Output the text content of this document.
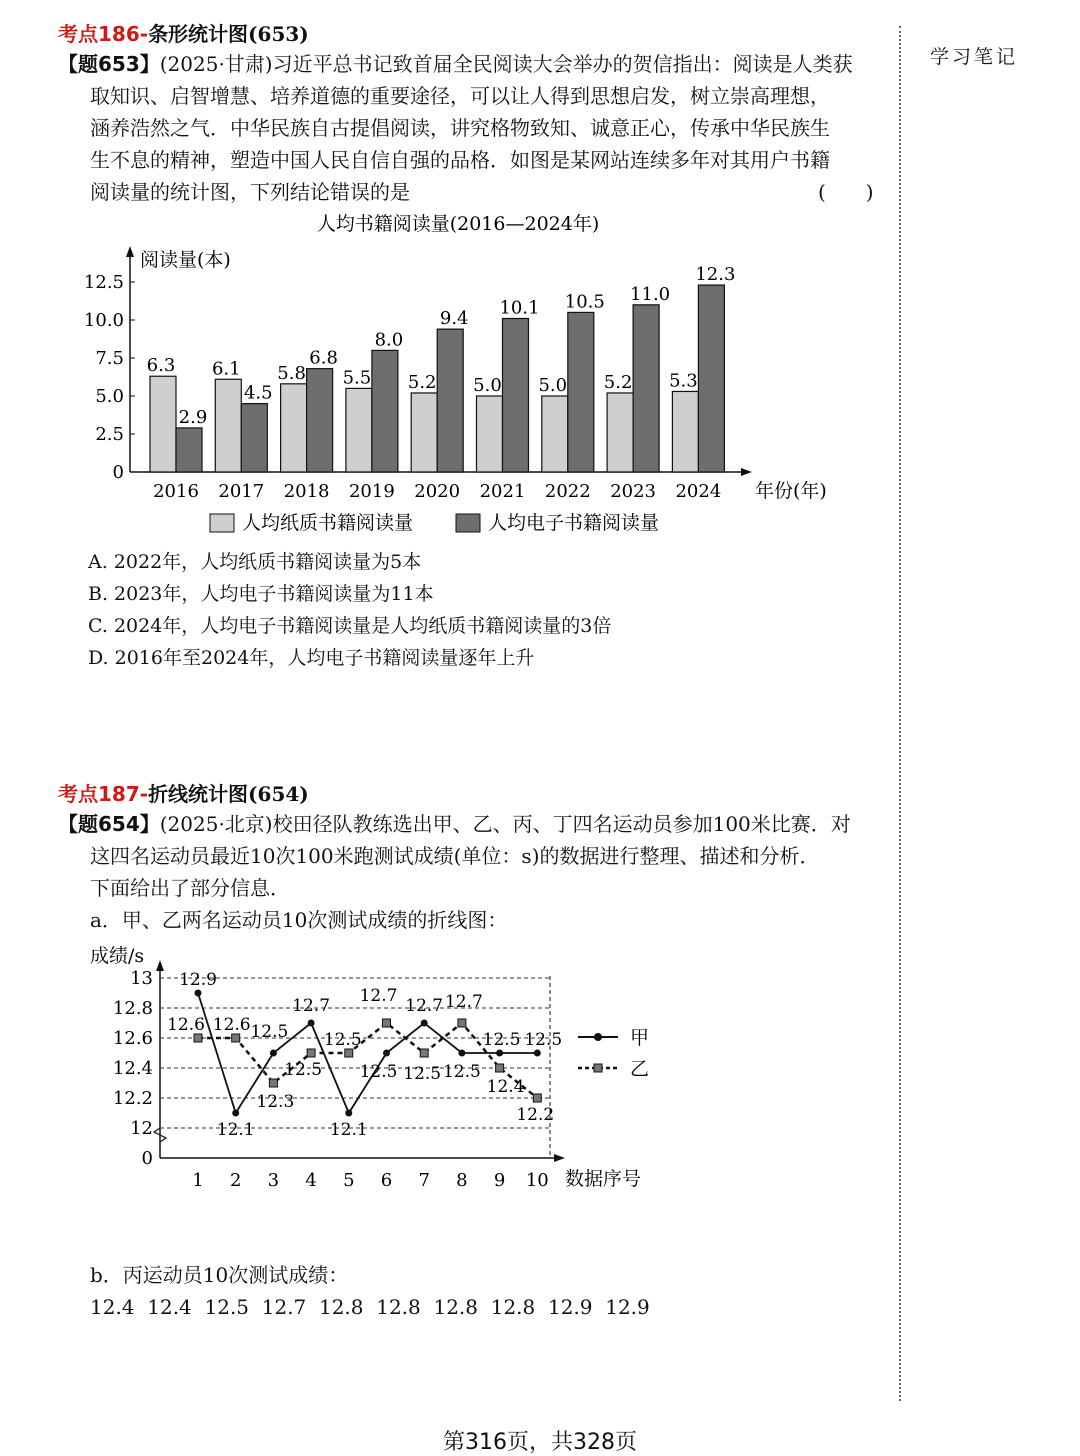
学习笔记
考点186-条形统计图(653)
【题653】(2025·甘肃)习近平总书记致首届全民阅读大会举办的贺信指出：阅读是人类获
取知识、启智增慧、培养道德的重要途径，可以让人得到思想启发，树立崇高理想，
涵养浩然之气．中华民族自古提倡阅读，讲究格物致知、诚意正心，传承中华民族生
生不息的精神，塑造中国人民自信自强的品格．如图是某网站连续多年对其用户书籍
阅读量的统计图，下列结论错误的是	(　　)
人均书籍阅读量(2016—2024年)
阅读量(本)
年份(年)
0
2.5
5.0
7.5
10.0
12.5
6.3
2.9
6.1
4.5
5.8
6.8
5.5
8.0
5.2
9.4
5.0
10.1
5.0
10.5
5.2
11.0
5.3
12.3
2016 2017 2018 2019 2020 2021 2022 2023 2024
人均纸质书籍阅读量	人均电子书籍阅读量
A. 2022年，人均纸质书籍阅读量为5本
B. 2023年，人均电子书籍阅读量为11本
C. 2024年，人均电子书籍阅读量是人均纸质书籍阅读量的3倍
D. 2016年至2024年，人均电子书籍阅读量逐年上升
考点187-折线统计图(654)
【题654】(2025·北京)校田径队教练选出甲、乙、丙、丁四名运动员参加100米比赛．对
这四名运动员最近10次100米跑测试成绩(单位：s)的数据进行整理、描述和分析．
下面给出了部分信息．
a．甲、乙两名运动员10次测试成绩的折线图：
成绩/s
数据序号
0
12
12.2
12.4
12.6
12.8
13
1 2 3 4 5 6 7 8 9 10
12.9
12.1
12.5
12.7
12.1
12.5
12.7
12.5
12.5 12.5
12.6 12.6
12.3
12.5
12.5
12.7
12.5
12.7
12.4
12.2
甲
乙
b．丙运动员10次测试成绩：
12.4  12.4  12.5  12.7  12.8  12.8  12.8  12.8  12.9  12.9
第316页，共328页
